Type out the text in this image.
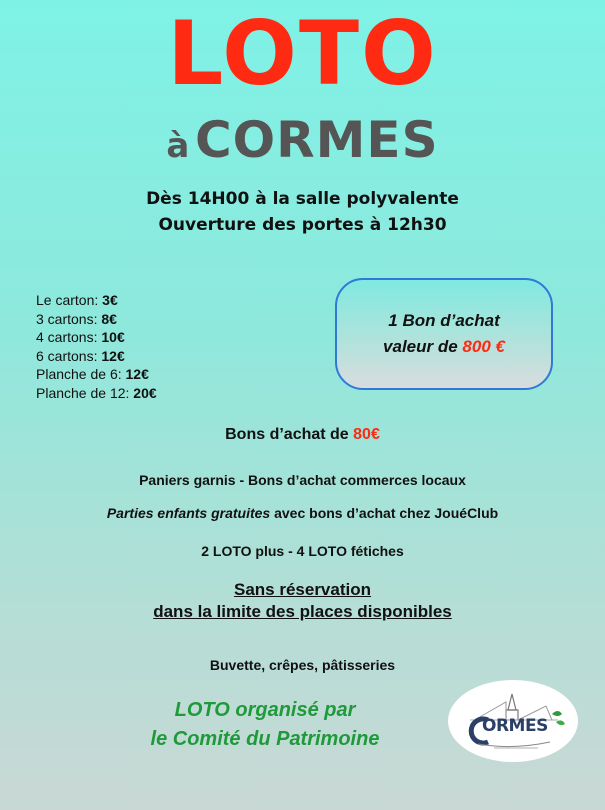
LOTO
à CORMES
Dès 14H00 à la salle polyvalente
Ouverture des portes à 12h30
Le carton: 3€
3 cartons: 8€
4 cartons: 10€
6 cartons: 12€
Planche de 6: 12€
Planche de 12: 20€
1 Bon d’achat
valeur de 800 €
Bons d’achat de 80€
Paniers garnis - Bons d’achat commerces locaux
Parties enfants gratuites avec bons d’achat chez JouéClub
2 LOTO plus - 4 LOTO fétiches
Sans réservation
dans la limite des places disponibles
Buvette, crêpes, pâtisseries
LOTO organisé par
le Comité du Patrimoine
ORMES
